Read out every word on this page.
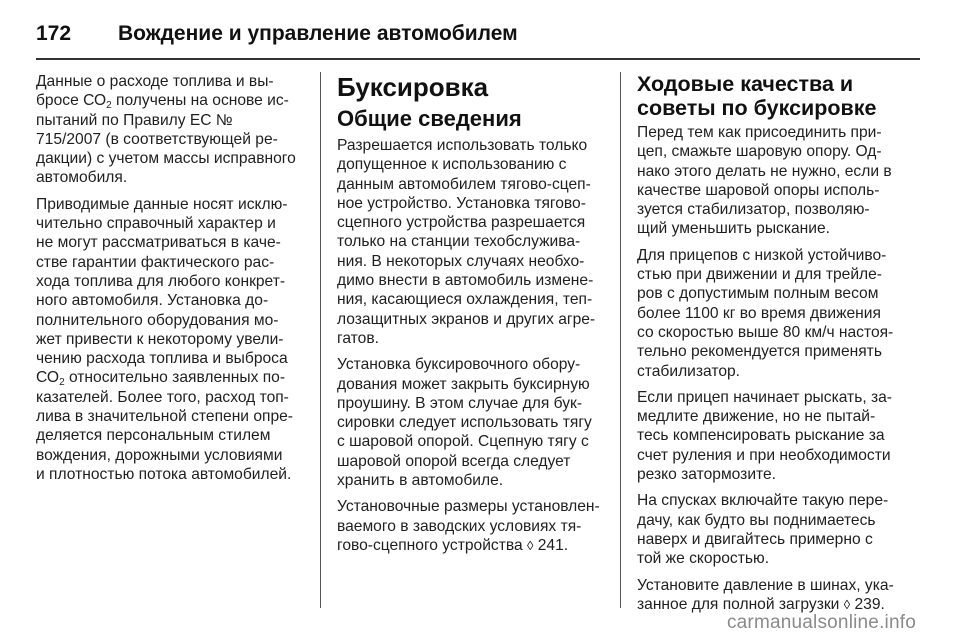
172	Вождение и управление автомобилем
Данные о расходе топлива и вы-
бросе $СО_2$ получены на основе ис-
пытаний по Правилу ЕС №
715/2007 (в соответствующей ре-
дакции) с учетом массы исправного
автомобиля.
Приводимые данные носят исклю-
чительно справочный характер и
не могут рассматриваться в каче-
стве гарантии фактического рас-
хода топлива для любого конкрет-
ного автомобиля. Установка до-
полнительного оборудования мо-
жет привести к некоторому увели-
чению расхода топлива и выброса
$СО_2$ относительно заявленных по-
казателей. Более того, расход топ-
лива в значительной степени опре-
деляется персональным стилем
вождения, дорожными условиями
и плотностью потока автомобилей.
Буксировка
Общие сведения
Разрешается использовать только
допущенное к использованию с
данным автомобилем тягово-сцеп-
ное устройство. Установка тягово-
сцепного устройства разрешается
только на станции техобслужива-
ния. В некоторых случаях необхо-
димо внести в автомобиль измене-
ния, касающиеся охлаждения, теп-
лозащитных экранов и других агре-
гатов.
Установка буксировочного обору-
дования может закрыть буксирную
проушину. В этом случае для бук-
сировки следует использовать тягу
с шаровой опорой. Сцепную тягу с
шаровой опорой всегда следует
хранить в автомобиле.
Установочные размеры установлен-
ваемого в заводских условиях тя-
гово-сцепного устройства ◊ 241.
Ходовые качества и
советы по буксировке
Перед тем как присоединить при-
цеп, смажьте шаровую опору. Од-
нако этого делать не нужно, если в
качестве шаровой опоры исполь-
зуется стабилизатор, позволяю-
щий уменьшить рыскание.
Для прицепов с низкой устойчиво-
стью при движении и для трейле-
ров с допустимым полным весом
более 1100 кг во время движения
со скоростью выше 80 км/ч настоя-
тельно рекомендуется применять
стабилизатор.
Если прицеп начинает рыскать, за-
медлите движение, но не пытай-
тесь компенсировать рыскание за
счет руления и при необходимости
резко затормозите.
На спусках включайте такую пере-
дачу, как будто вы поднимаетесь
наверх и двигайтесь примерно с
той же скоростью.
Установите давление в шинах, ука-
занное для полной загрузки ◊ 239.
carmanualsonline.info
